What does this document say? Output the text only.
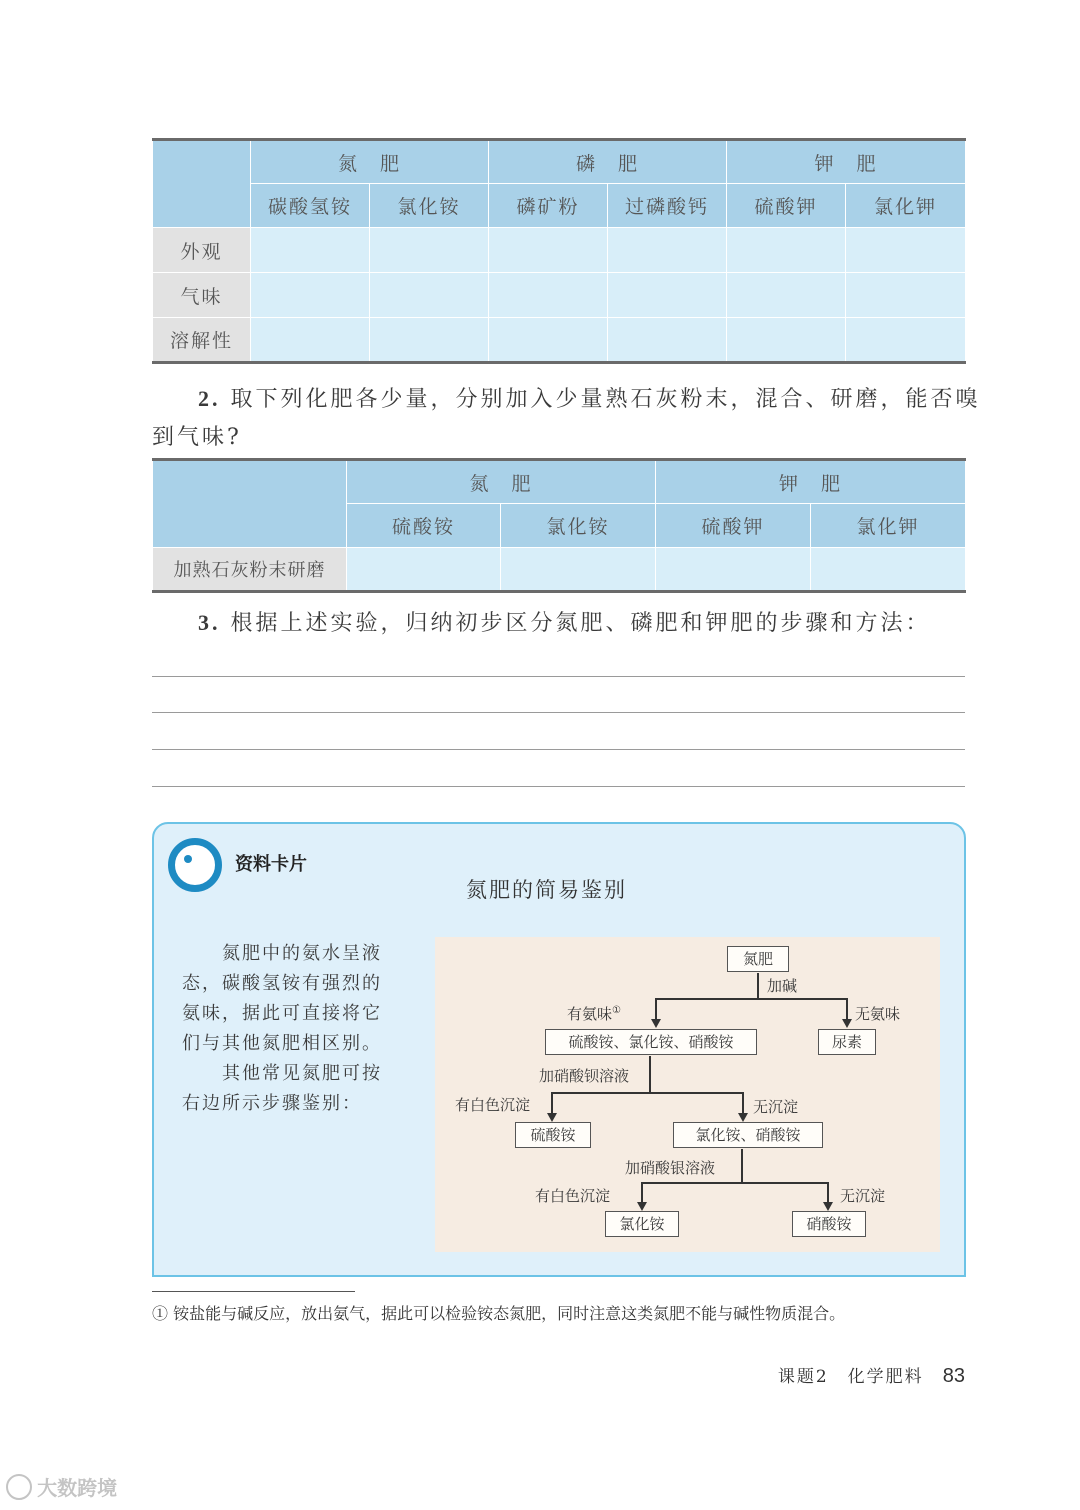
	氮　肥		磷　肥		钾　肥	
	碳酸氢铵	氯化铵	磷矿粉	过磷酸钙	硫酸钾	氯化钾
外观						
气味						
溶解性						
2. 取下列化肥各少量，分别加入少量熟石灰粉末，混合、研磨，能否嗅
到气味?
	氮　肥		钾　肥	
	硫酸铵	氯化铵	硫酸钾	氯化钾
加熟石灰粉末研磨				
3. 根据上述实验，归纳初步区分氮肥、磷肥和钾肥的步骤和方法：
资料卡片
氮肥的简易鉴别
氮肥中的氨水呈液
态，碳酸氢铵有强烈的
氨味，据此可直接将它
们与其他氮肥相区别。
其他常见氮肥可按
右边所示步骤鉴别：
氮肥
硫酸铵、氯化铵、硝酸铵	尿素
硫酸铵	氯化铵、硝酸铵
氯化铵	硝酸铵
加碱
有氨味①	无氨味
加硝酸钡溶液
有白色沉淀	无沉淀
加硝酸银溶液
有白色沉淀	无沉淀
① 铵盐能与碱反应，放出氨气，据此可以检验铵态氮肥，同时注意这类氮肥不能与碱性物质混合。
课题2　化学肥料 83
大数跨境
